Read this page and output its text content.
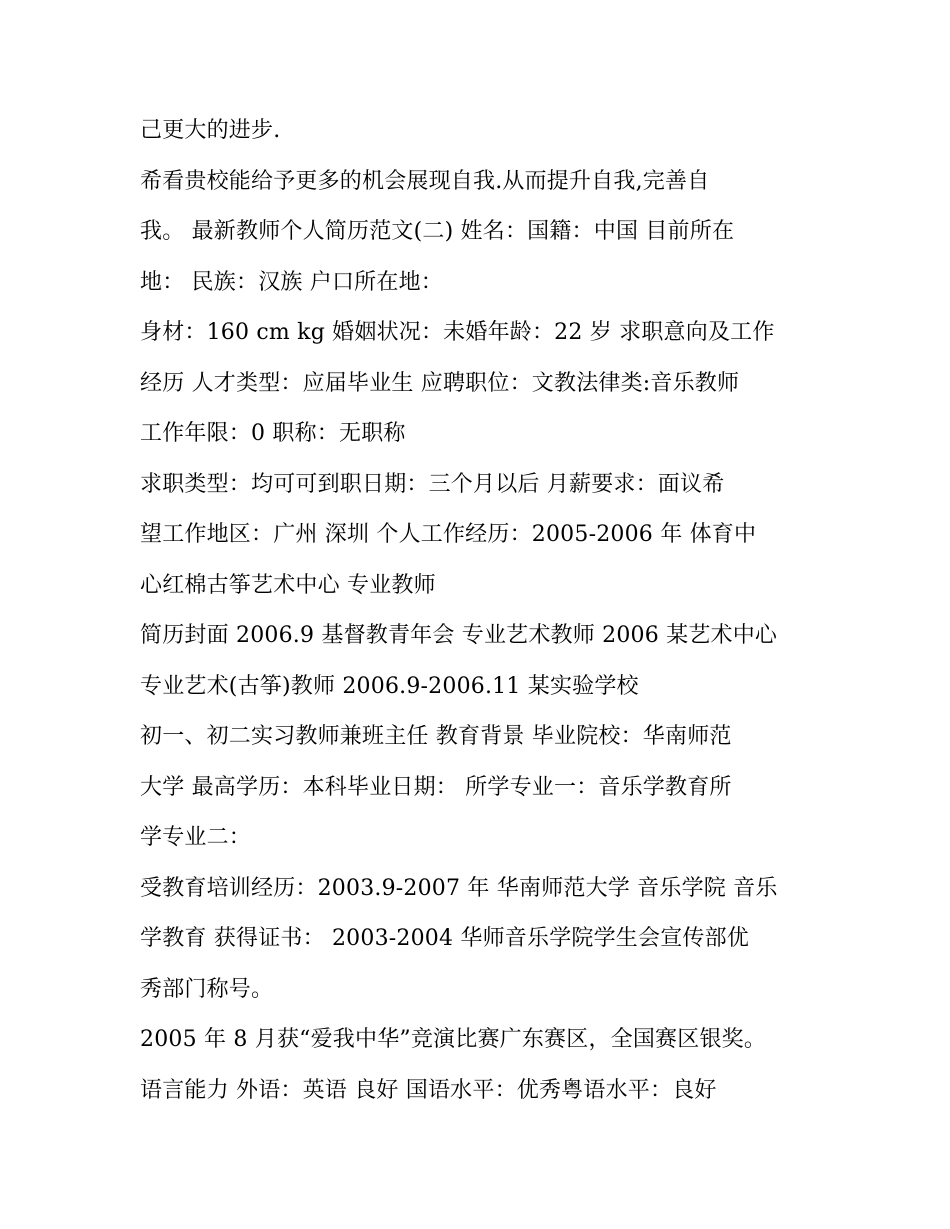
己更大的进步.
希看贵校能给予更多的机会展现自我.从而提升自我,完善自
我。 最新教师个人简历范文(二) 姓名：国籍：中国 目前所在
地： 民族：汉族 户口所在地：
身材：160 cm kg 婚姻状况：未婚年龄：22 岁 求职意向及工作
经历 人才类型：应届毕业生 应聘职位：文教法律类:音乐教师
工作年限：0 职称：无职称
求职类型：均可可到职日期：三个月以后 月薪要求：面议希
望工作地区：广州 深圳 个人工作经历：2005-2006 年 体育中
心红棉古筝艺术中心 专业教师
简历封面 2006.9 基督教青年会 专业艺术教师 2006 某艺术中心
专业艺术(古筝)教师 2006.9-2006.11 某实验学校
初一、初二实习教师兼班主任 教育背景 毕业院校：华南师范
大学 最高学历：本科毕业日期： 所学专业一：音乐学教育所
学专业二：
受教育培训经历：2003.9-2007 年 华南师范大学 音乐学院 音乐
学教育 获得证书： 2003-2004 华师音乐学院学生会宣传部优
秀部门称号。
2005 年 8 月获“爱我中华”竞演比赛广东赛区，全国赛区银奖。
语言能力 外语：英语 良好 国语水平：优秀粤语水平：良好
